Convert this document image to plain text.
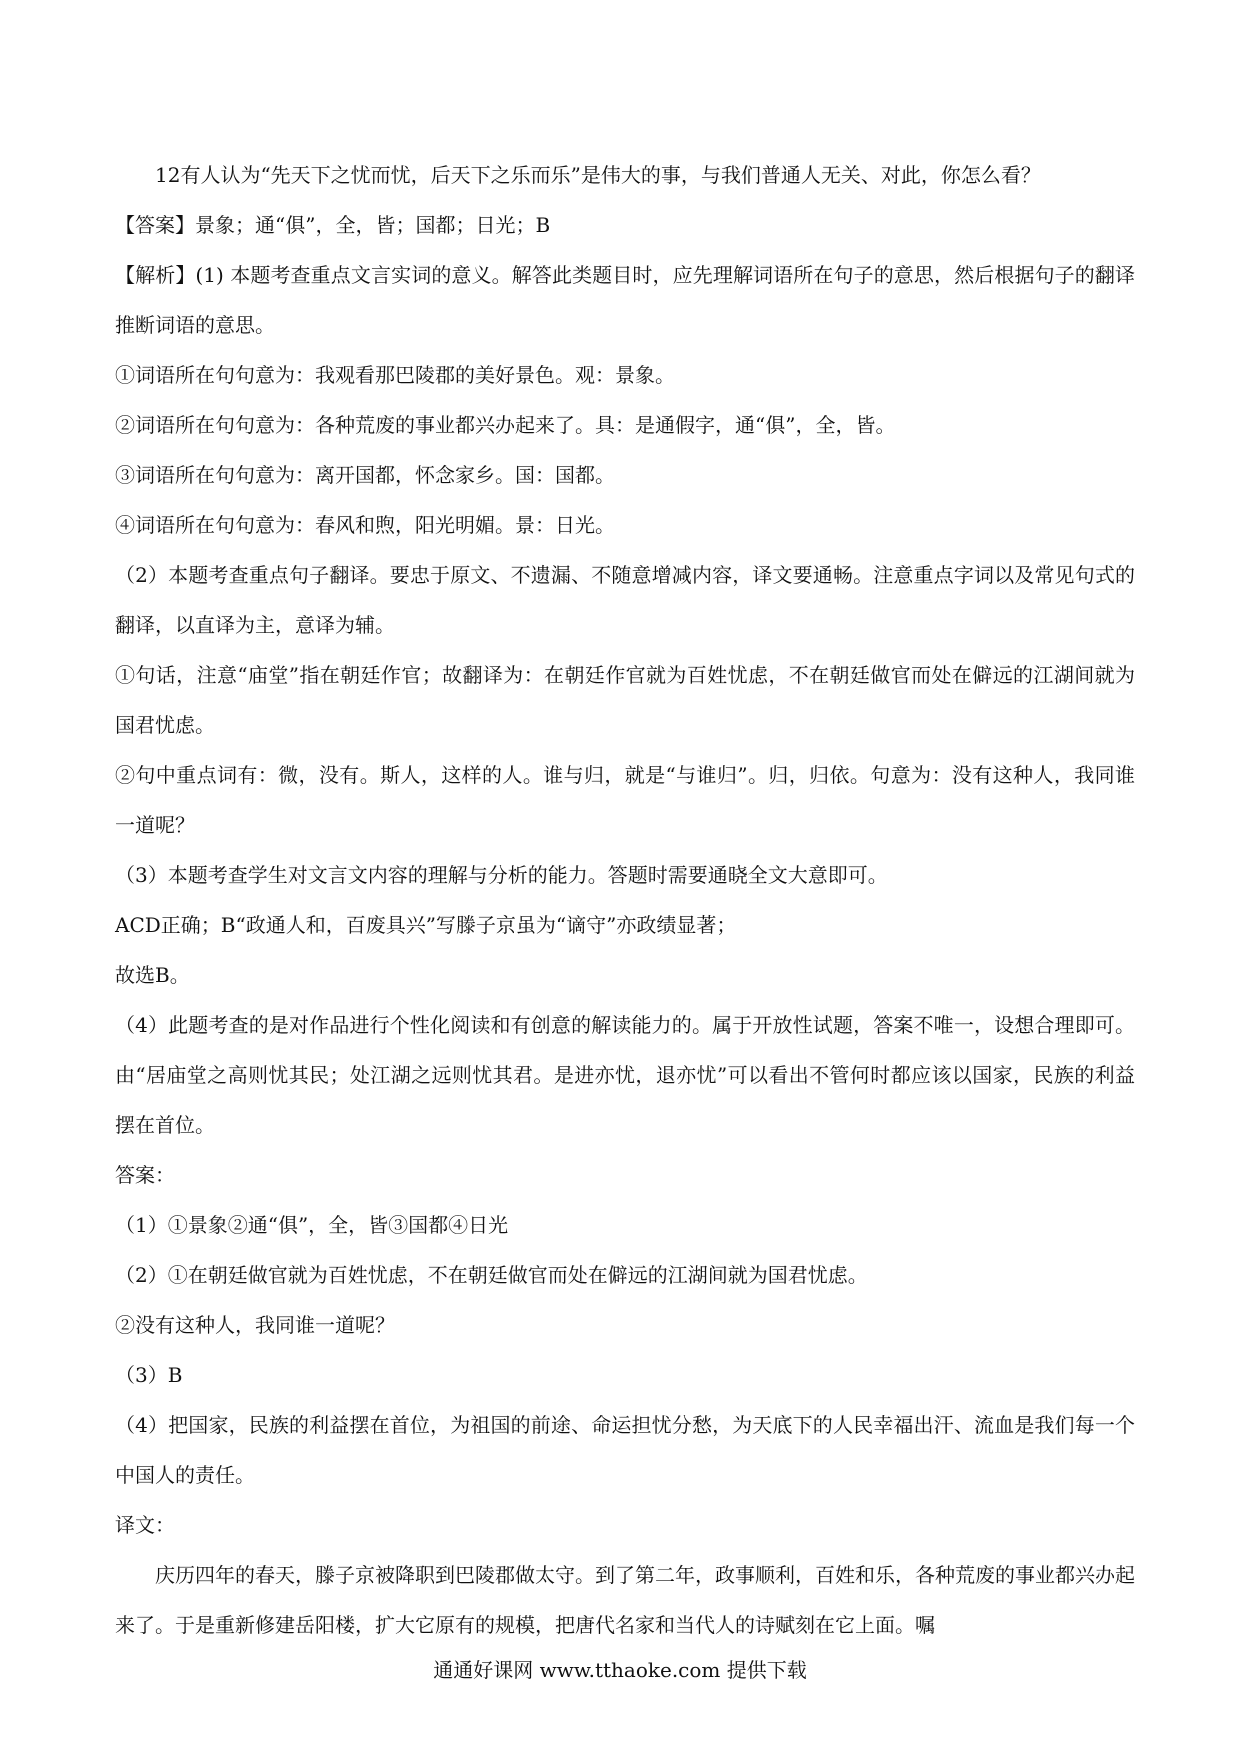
12有人认为“先天下之忧而忧，后天下之乐而乐”是伟大的事，与我们普通人无关、对此，你怎么看？

【答案】景象；通“俱”，全，皆；国都；日光；B

【解析】(1) 本题考查重点文言实词的意义。解答此类题目时，应先理解词语所在句子的意思，然后根据句子的翻译推断词语的意思。

①词语所在句句意为：我观看那巴陵郡的美好景色。观：景象。

②词语所在句句意为：各种荒废的事业都兴办起来了。具：是通假字，通“俱”，全，皆。

③词语所在句句意为：离开国都，怀念家乡。国：国都。

④词语所在句句意为：春风和煦，阳光明媚。景：日光。

（2）本题考查重点句子翻译。要忠于原文、不遗漏、不随意增减内容，译文要通畅。注意重点字词以及常见句式的翻译，以直译为主，意译为辅。

①句话，注意“庙堂”指在朝廷作官；故翻译为：在朝廷作官就为百姓忧虑，不在朝廷做官而处在僻远的江湖间就为国君忧虑。

②句中重点词有：微，没有。斯人，这样的人。谁与归，就是“与谁归”。归，归依。句意为：没有这种人，我同谁一道呢？

（3）本题考查学生对文言文内容的理解与分析的能力。答题时需要通晓全文大意即可。

ACD正确；B“政通人和，百废具兴”写滕子京虽为“谪守”亦政绩显著；

故选B。

（4）此题考查的是对作品进行个性化阅读和有创意的解读能力的。属于开放性试题，答案不唯一，设想合理即可。由“居庙堂之高则忧其民；处江湖之远则忧其君。是进亦忧，退亦忧”可以看出不管何时都应该以国家，民族的利益摆在首位。

答案：

（1）①景象②通“俱”，全，皆③国都④日光

（2）①在朝廷做官就为百姓忧虑，不在朝廷做官而处在僻远的江湖间就为国君忧虑。

②没有这种人，我同谁一道呢？

（3）B

（4）把国家，民族的利益摆在首位，为祖国的前途、命运担忧分愁，为天底下的人民幸福出汗、流血是我们每一个中国人的责任。

译文：

庆历四年的春天，滕子京被降职到巴陵郡做太守。到了第二年，政事顺利，百姓和乐，各种荒废的事业都兴办起来了。于是重新修建岳阳楼，扩大它原有的规模，把唐代名家和当代人的诗赋刻在它上面。嘱

通通好课网 www.tthaoke.com 提供下载
